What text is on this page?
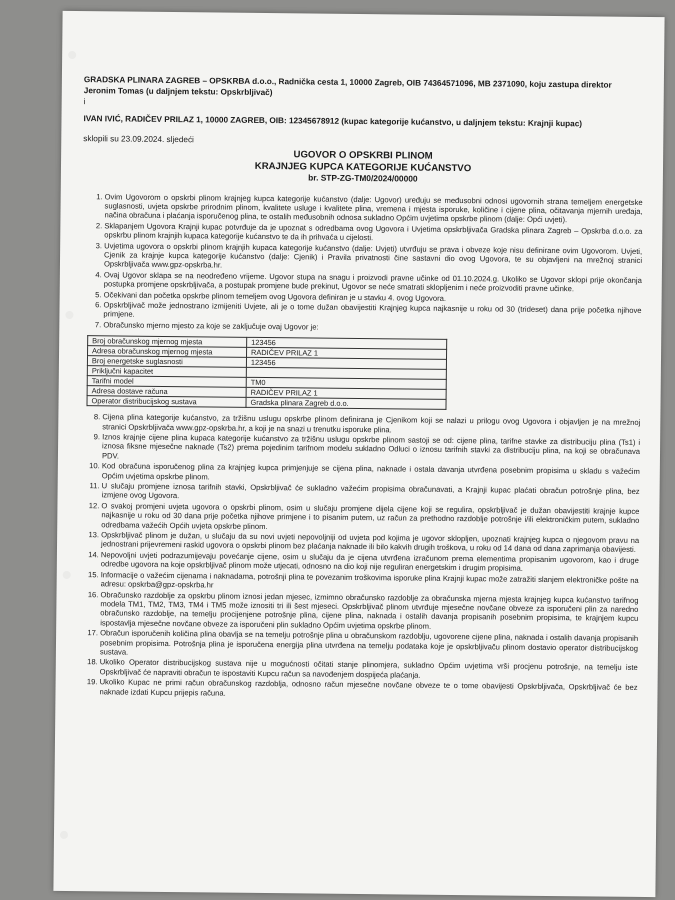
GRADSKA PLINARA ZAGREB – OPSKRBA d.o.o., Radnička cesta 1, 10000 Zagreb, OIB 74364571096, MB 2371090, koju zastupa direktor Jeronim Tomas (u daljnjem tekstu: Opskrbljivač)

i

IVAN IVIĆ, RADIČEV PRILAZ 1, 10000 ZAGREB, OIB: 12345678912 (kupac kategorije kućanstvo, u daljnjem tekstu: Krajnji kupac)

sklopili su 23.09.2024. sljedeći

UGOVOR O OPSKRBI PLINOM
KRAJNJEG KUPCA KATEGORIJE KUĆANSTVO
br. STP-ZG-TM0/2024/00000
1. Ovim Ugovorom o opskrbi plinom krajnjeg kupca kategorije kućanstvo (dalje: Ugovor) uređuju se međusobni odnosi ugovornih strana temeljem energetske suglasnosti, uvjeta opskrbe prirodnim plinom, kvalitete usluge i kvalitete plina, vremena i mjesta isporuke, količine i cijene plina, očitavanja mjernih uređaja, načina obračuna i plaćanja isporučenog plina, te ostalih međusobnih odnosa sukladno Općim uvjetima opskrbe plinom (dalje: Opći uvjeti).
2. Sklapanjem Ugovora Krajnji kupac potvrđuje da je upoznat s odredbama ovog Ugovora i Uvjetima opskrbljivača Gradska plinara Zagreb – Opskrba d.o.o. za opskrbu plinom krajnjih kupaca kategorije kućanstvo te da ih prihvaća u cijelosti.
3. Uvjetima ugovora o opskrbi plinom krajnjih kupaca kategorije kućanstvo (dalje: Uvjeti) utvrđuju se prava i obveze koje nisu definirane ovim Ugovorom. Uvjeti, Cjenik za krajnje kupca kategorije kućanstvo (dalje: Cjenik) i Pravila privatnosti čine sastavni dio ovog Ugovora, te su objavljeni na mrežnoj stranici Opskrbljivača www.gpz-opskrba.hr.
4. Ovaj Ugovor sklapa se na neodređeno vrijeme. Ugovor stupa na snagu i proizvodi pravne učinke od 01.10.2024.g. Ukoliko se Ugovor sklopi prije okončanja postupka promjene opskrbljivača, a postupak promjene bude prekinut, Ugovor se neće smatrati sklopljenim i neće proizvoditi pravne učinke.
5. Očekivani dan početka opskrbe plinom temeljem ovog Ugovora definiran je u stavku 4. ovog Ugovora.
6. Opskrbljivač može jednostrano izmijeniti Uvjete, ali je o tome dužan obavijestiti Krajnjeg kupca najkasnije u roku od 30 (trideset) dana prije početka njihove primjene.
7. Obračunsko mjerno mjesto za koje se zaključuje ovaj Ugovor je:
Broj obračunskog mjernog mjesta	123456
Adresa obračunskog mjernog mjesta	RADIČEV PRILAZ 1
Broj energetske suglasnosti	123456
Priključni kapacitet	
Tarifni model	TM0
Adresa dostave računa	RADIČEV PRILAZ 1
Operator distribucijskog sustava	Gradska plinara Zagreb d.o.o.
8. Cijena plina kategorije kućanstvo, za tržišnu uslugu opskrbe plinom definirana je Cjenikom koji se nalazi u prilogu ovog Ugovora i objavljen je na mrežnoj stranici Opskrbljivača www.gpz-opskrba.hr, a koji je na snazi u trenutku isporuke plina.
9. Iznos krajnje cijene plina kupaca kategorije kućanstvo za tržišnu uslugu opskrbe plinom sastoji se od: cijene plina, tarifne stavke za distribuciju plina (Ts1) i iznosa fiksne mjesečne naknade (Ts2) prema pojedinim tarifnom modelu sukladno Odluci o iznosu tarifnih stavki za distribuciju plina, na koji se obračunava PDV.
10. Kod obračuna isporučenog plina za krajnjeg kupca primjenjuje se cijena plina, naknade i ostala davanja utvrđena posebnim propisima u skladu s važećim Općim uvjetima opskrbe plinom.
11. U slučaju promjene iznosa tarifnih stavki, Opskrbljivač će sukladno važećim propisima obračunavati, a Krajnji kupac plaćati obračun potrošnje plina, bez izmjene ovog Ugovora.
12. O svakoj promjeni uvjeta ugovora o opskrbi plinom, osim u slučaju promjene dijela cijene koji se regulira, opskrbljivač je dužan obavijestiti krajnje kupce najkasnije u roku od 30 dana prije početka njihove primjene i to pisanim putem, uz račun za prethodno razdoblje potrošnje i/ili elektroničkim putem, sukladno odredbama važećih Općih uvjeta opskrbe plinom.
13. Opskrbljivač plinom je dužan, u slučaju da su novi uvjeti nepovoljniji od uvjeta pod kojima je ugovor sklopljen, upoznati krajnjeg kupca o njegovom pravu na jednostrani prijevremeni raskid ugovora o opskrbi plinom bez plaćanja naknade ili bilo kakvih drugih troškova, u roku od 14 dana od dana zaprimanja obavijesti.
14. Nepovoljni uvjeti podrazumijevaju povećanje cijene, osim u slučaju da je cijena utvrđena izračunom prema elementima propisanim ugovorom, kao i druge odredbe ugovora na koje opskrbljivač plinom može utjecati, odnosno na dio koji nije reguliran energetskim i drugim propisima.
15. Informacije o važećim cijenama i naknadama, potrošnji plina te povezanim troškovima isporuke plina Krajnji kupac može zatražiti slanjem elektroničke pošte na adresu: opskrba@gpz-opskrba.hr
16. Obračunsko razdoblje za opskrbu plinom iznosi jedan mjesec, izmimno obračunsko razdoblje za obračunska mjerna mjesta krajnjeg kupca kućanstvo tarifnog modela TM1, TM2, TM3, TM4 i TM5 može iznositi tri ili šest mjeseci. Opskrbljivač plinom utvrđuje mjesečne novčane obveze za isporučeni plin za naredno obračunsko razdoblje, na temelju procijenjene potrošnje plina, cijene plina, naknada i ostalih davanja propisanih posebnim propisima, te krajnjem kupcu ispostavlja mjesečne novčane obveze za isporučeni plin sukladno Općim uvjetima opskrbe plinom.
17. Obračun isporučenih količina plina obavlja se na temelju potrošnje plina u obračunskom razdoblju, ugovorene cijene plina, naknada i ostalih davanja propisanih posebnim propisima. Potrošnja plina je isporučena energija plina utvrđena na temelju podataka koje je opskrbljivaču plinom dostavio operator distribucijskog sustava.
18. Ukoliko Operator distribucijskog sustava nije u mogućnosti očitati stanje plinomjera, sukladno Općim uvjetima vrši procjenu potrošnje, na temelju iste Opskrbljivač će napraviti obračun te ispostaviti Kupcu račun sa navođenjem dospijeća plaćanja.
19. Ukoliko Kupac ne primi račun obračunskog razdoblja, odnosno račun mjesečne novčane obveze te o tome obavijesti Opskrbljivača, Opskrbljivač će bez naknade izdati Kupcu prijepis računa.
